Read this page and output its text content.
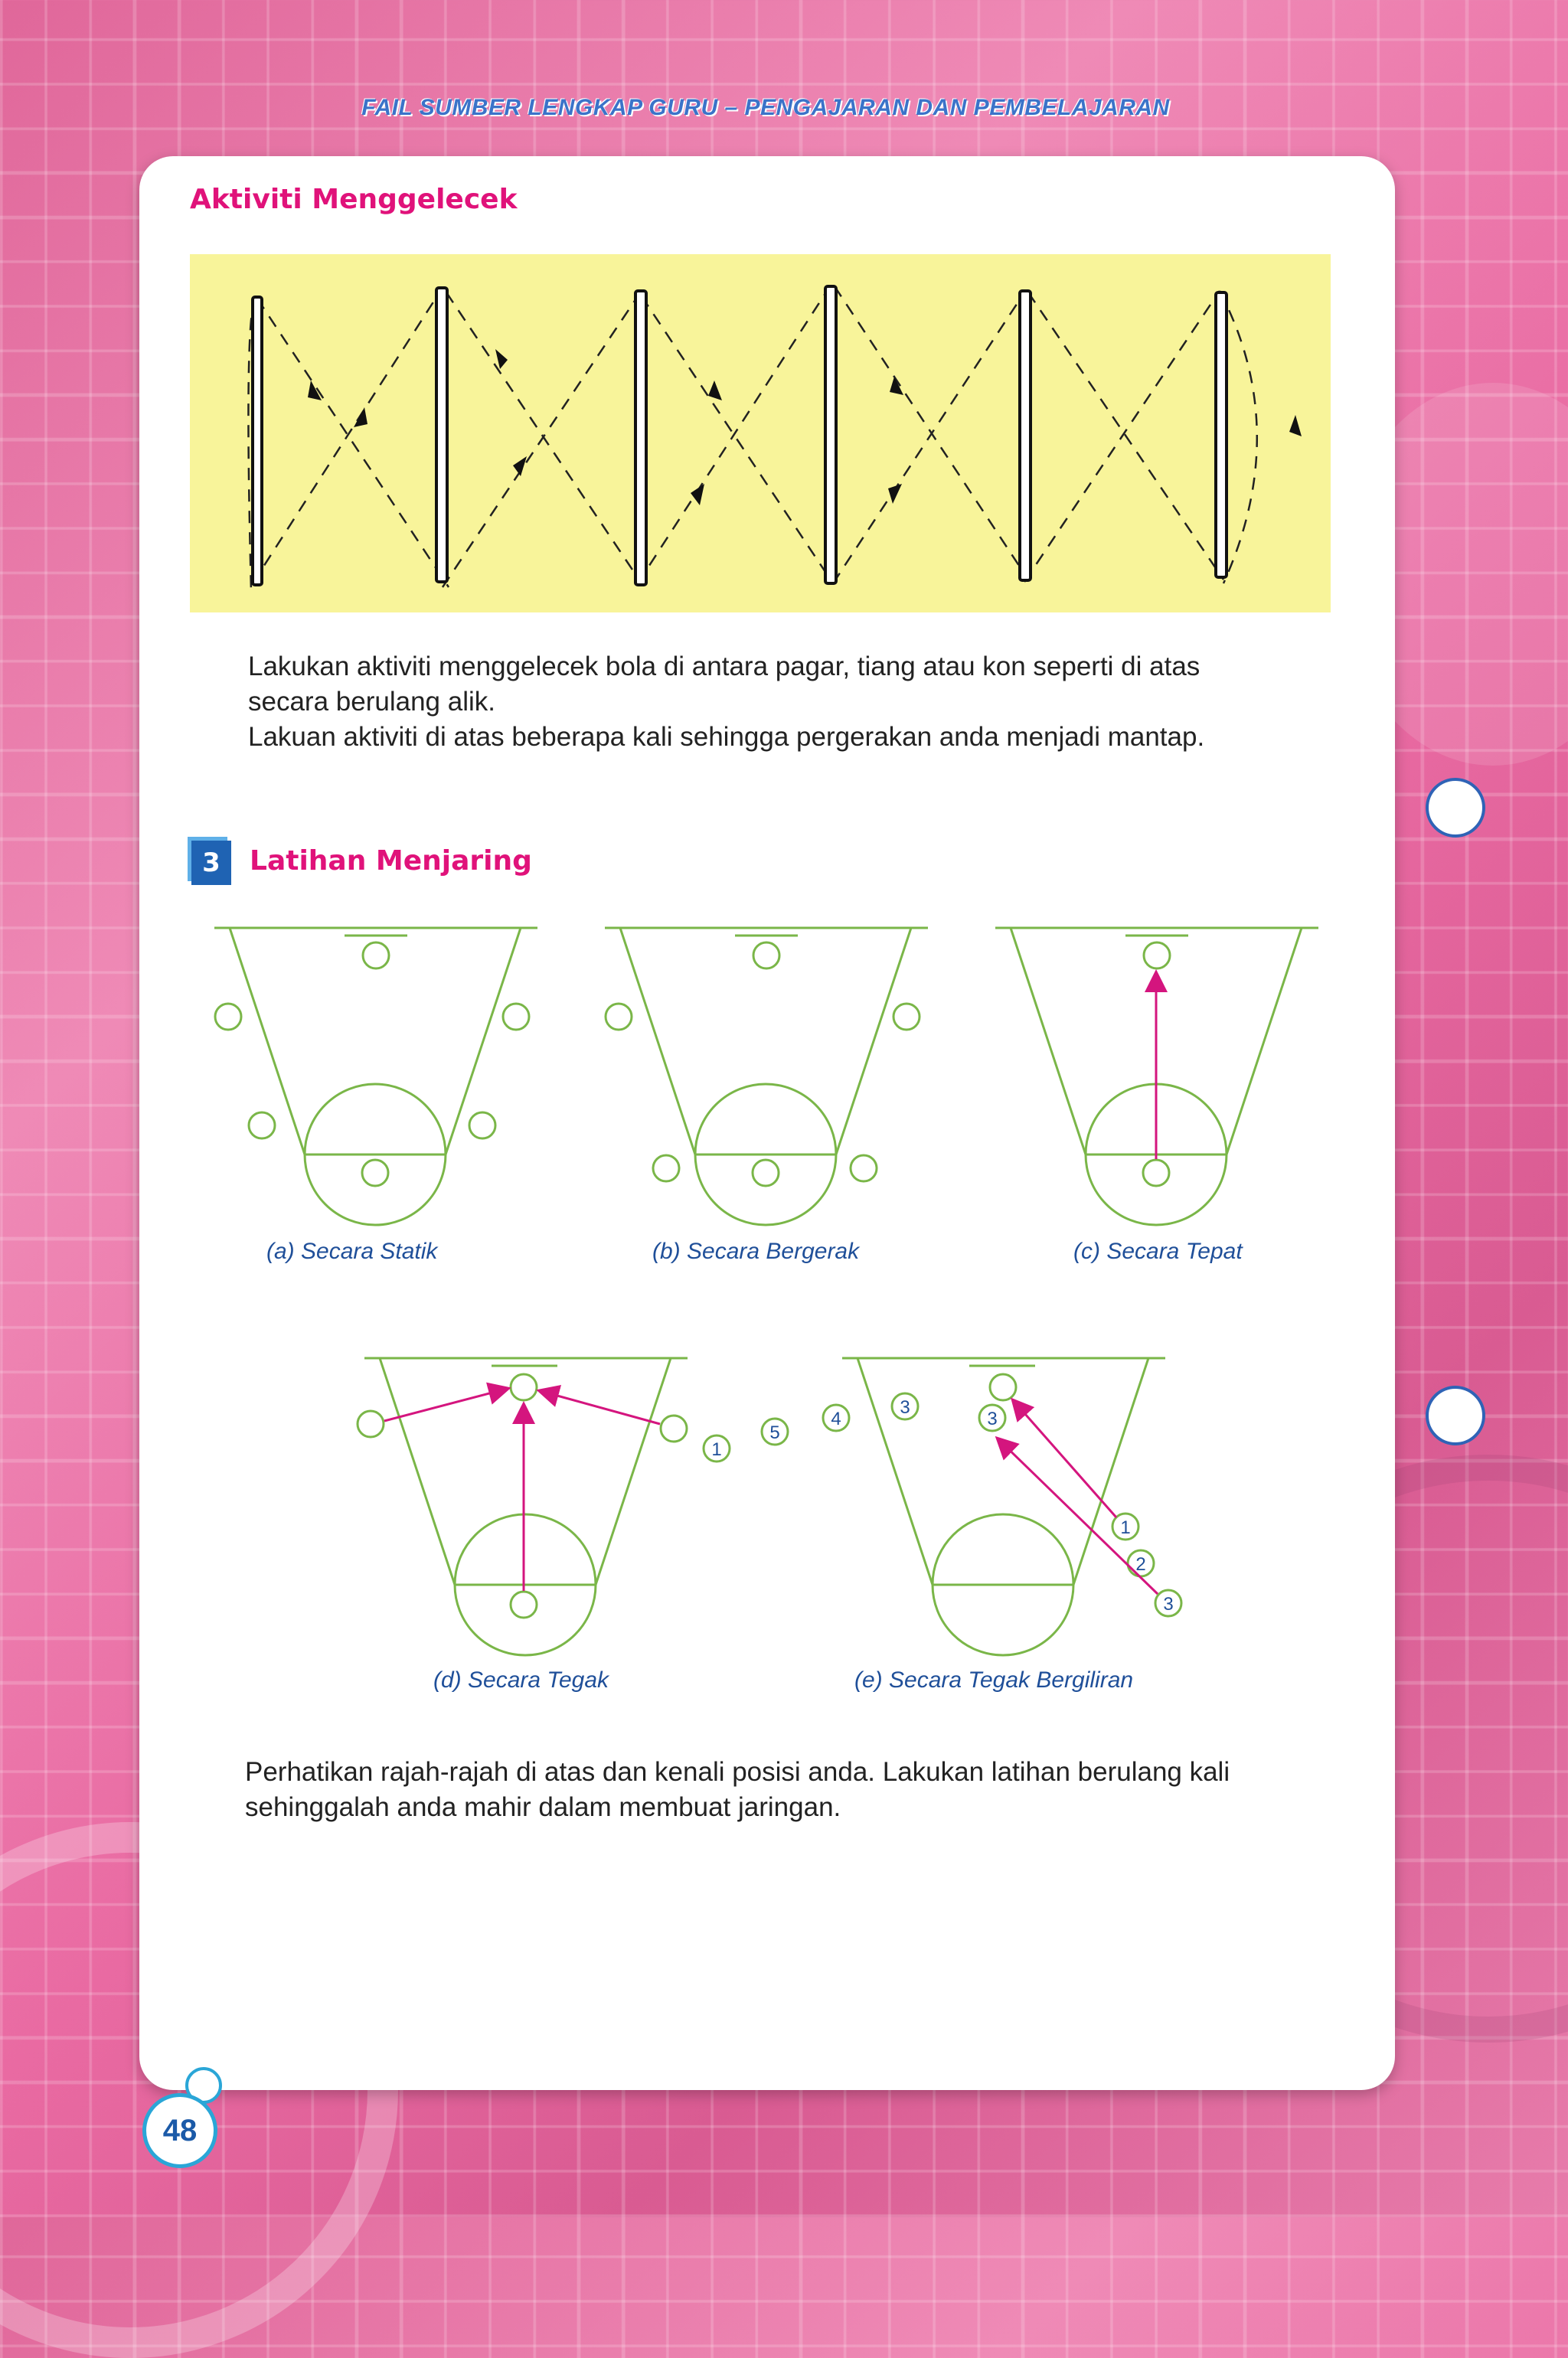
FAIL SUMBER LENGKAP GURU – PENGAJARAN DAN PEMBELAJARAN
Aktiviti Menggelecek
Lakukan aktiviti menggelecek bola di antara pagar, tiang atau kon seperti di atas
secara berulang alik.
Lakuan aktiviti di atas beberapa kali sehingga pergerakan anda menjadi mantap.
3	Latihan Menjaring
(a) Secara Statik	(b) Secara Bergerak	(c) Secara Tepat
(d) Secara Tegak
1
5
4
3
3
1
2
3
(e) Secara Tegak Bergiliran
Perhatikan rajah-rajah di atas dan kenali posisi anda. Lakukan latihan berulang kali
sehinggalah anda mahir dalam membuat jaringan.
48
